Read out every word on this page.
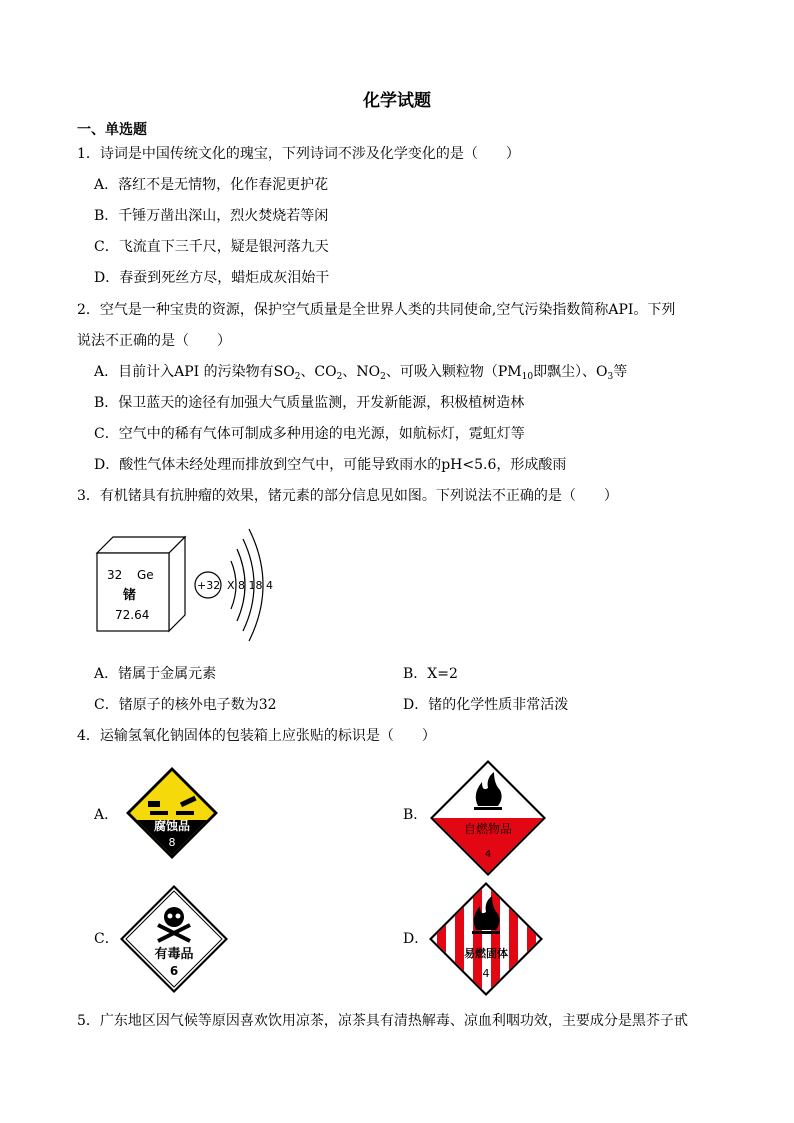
化学试题
一、单选题
1．诗词是中国传统文化的瑰宝，下列诗词不涉及化学变化的是（　　）
A．落红不是无情物，化作春泥更护花
B．千锤万凿出深山，烈火焚烧若等闲
C．飞流直下三千尺，疑是银河落九天
D．春蚕到死丝方尽，蜡炬成灰泪始干
2．空气是一种宝贵的资源，保护空气质量是全世界人类的共同使命,空气污染指数简称API。下列
说法不正确的是（　　）
A．目前计入API 的污染物有$SO_2$、$CO_2$、$NO_2$、可吸入颗粒物（$PM_{10}$即飘尘）、$O_3$等
B．保卫蓝天的途径有加强大气质量监测，开发新能源，积极植树造林
C．空气中的稀有气体可制成多种用途的电光源，如航标灯，霓虹灯等
D．酸性气体未经处理而排放到空气中，可能导致雨水的pH<5.6，形成酸雨
3．有机锗具有抗肿瘤的效果，锗元素的部分信息见如图。下列说法不正确的是（　　）
32 Ge
锗
72.64
+32 X 8 18 4
A．锗属于金属元素	B．X=2
C．锗原子的核外电子数为32	D．锗的化学性质非常活泼
4．运输氢氧化钠固体的包装箱上应张贴的标识是（　　）
A．
腐蚀品
8
B．
自燃物品
4
C．
有毒品
6
D．
易燃固体
4
5．广东地区因气候等原因喜欢饮用凉茶，凉茶具有清热解毒、凉血利咽功效，主要成分是黑芥子甙
